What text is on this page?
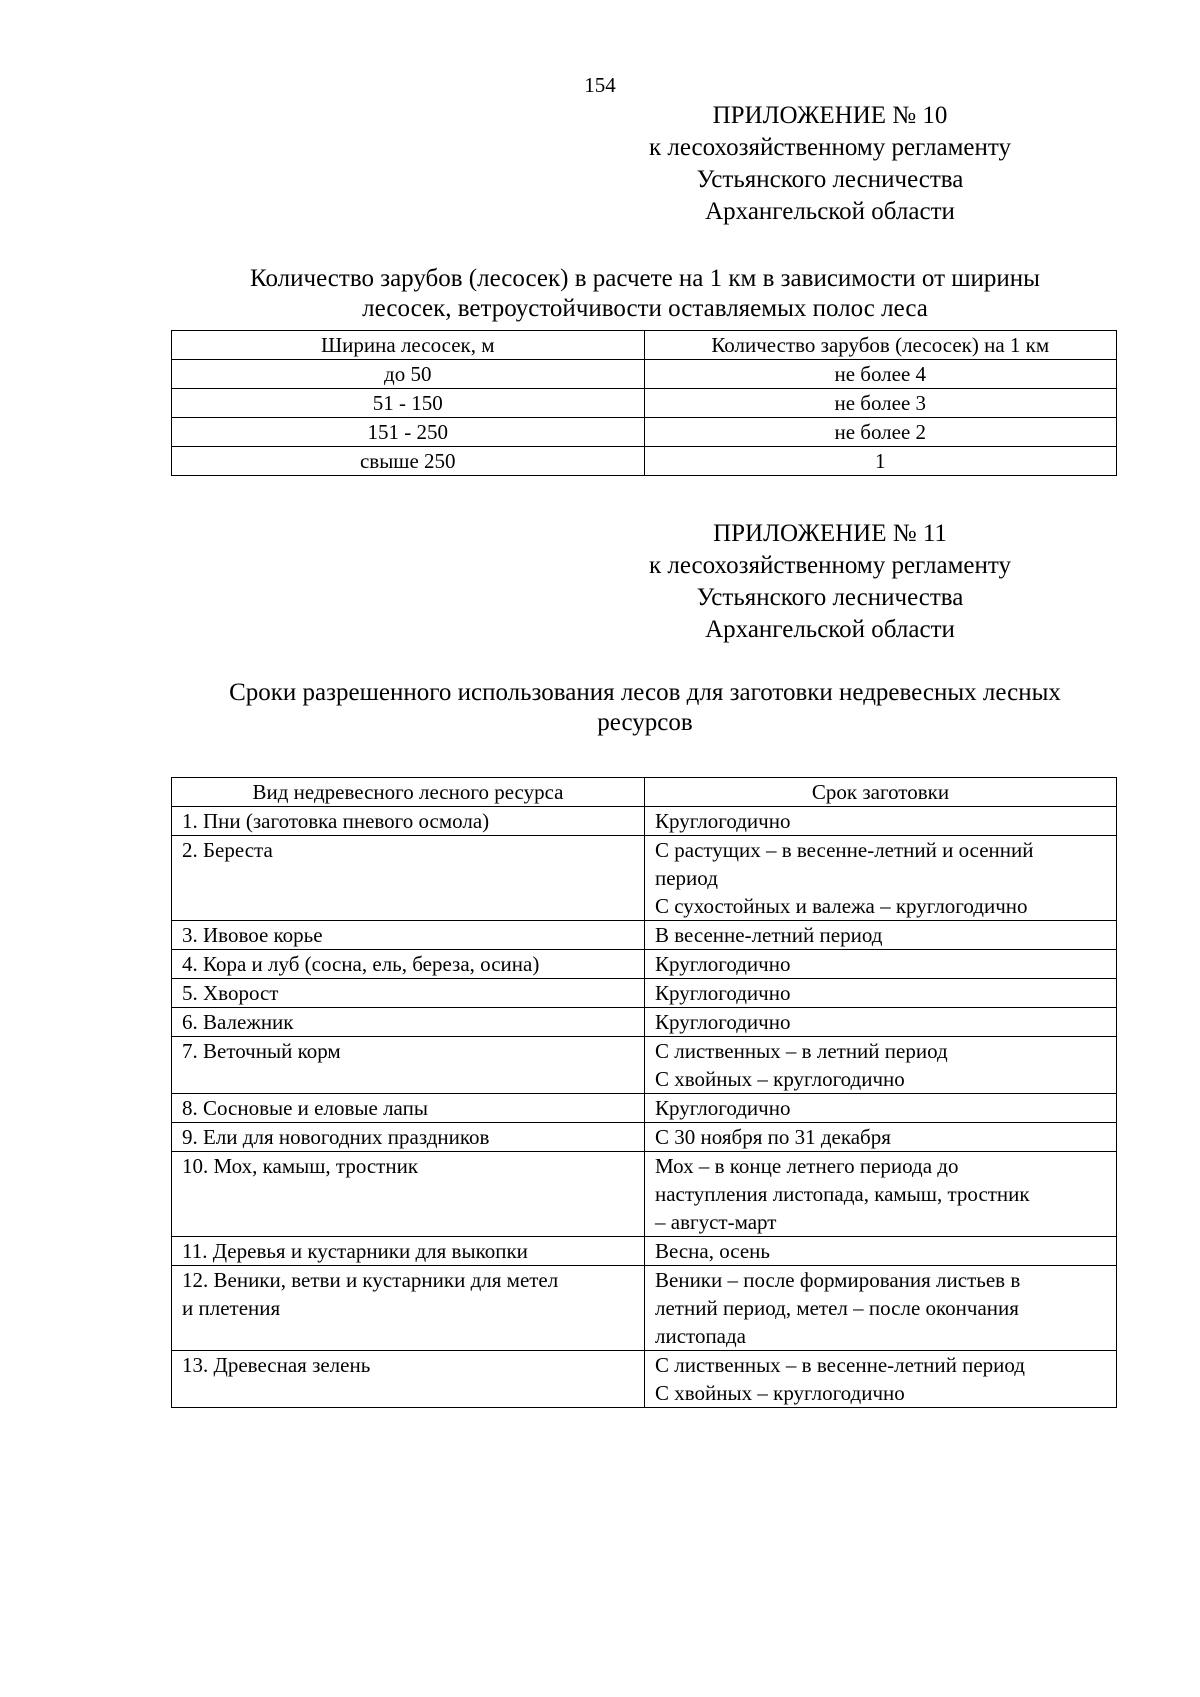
154
ПРИЛОЖЕНИЕ № 10
к лесохозяйственному регламенту
Устьянского лесничества
Архангельской области
Количество зарубов (лесосек) в расчете на 1 км в зависимости от ширины
лесосек, ветроустойчивости оставляемых полос леса
Ширина лесосек, м	Количество зарубов (лесосек) на 1 км
до 50	не более 4
51 - 150	не более 3
151 - 250	не более 2
свыше 250	1
ПРИЛОЖЕНИЕ № 11
к лесохозяйственному регламенту
Устьянского лесничества
Архангельской области
Сроки разрешенного использования лесов для заготовки недревесных лесных
ресурсов
Вид недревесного лесного ресурса	Срок заготовки

1. Пни (заготовка пневого осмола)	Круглогодично

2. Береста	С растущих – в весенне-летний и осенний
период
С сухостойных и валежа – круглогодично

3. Ивовое корье	В весенне-летний период

4. Кора и луб (сосна, ель, береза, осина)	Круглогодично

5. Хворост	Круглогодично

6. Валежник	Круглогодично

7. Веточный корм	С лиственных – в летний период
С хвойных – круглогодично

8. Сосновые и еловые лапы	Круглогодично

9. Ели для новогодних праздников	С 30 ноября по 31 декабря

10. Мох, камыш, тростник	Мох – в конце летнего периода до
наступления листопада, камыш, тростник
– август-март

11. Деревья и кустарники для выкопки	Весна, осень

12. Веники, ветви и кустарники для метел
и плетения	Веники – после формирования листьев в
летний период, метел – после окончания
листопада

13. Древесная зелень	С лиственных – в весенне-летний период
С хвойных – круглогодично
